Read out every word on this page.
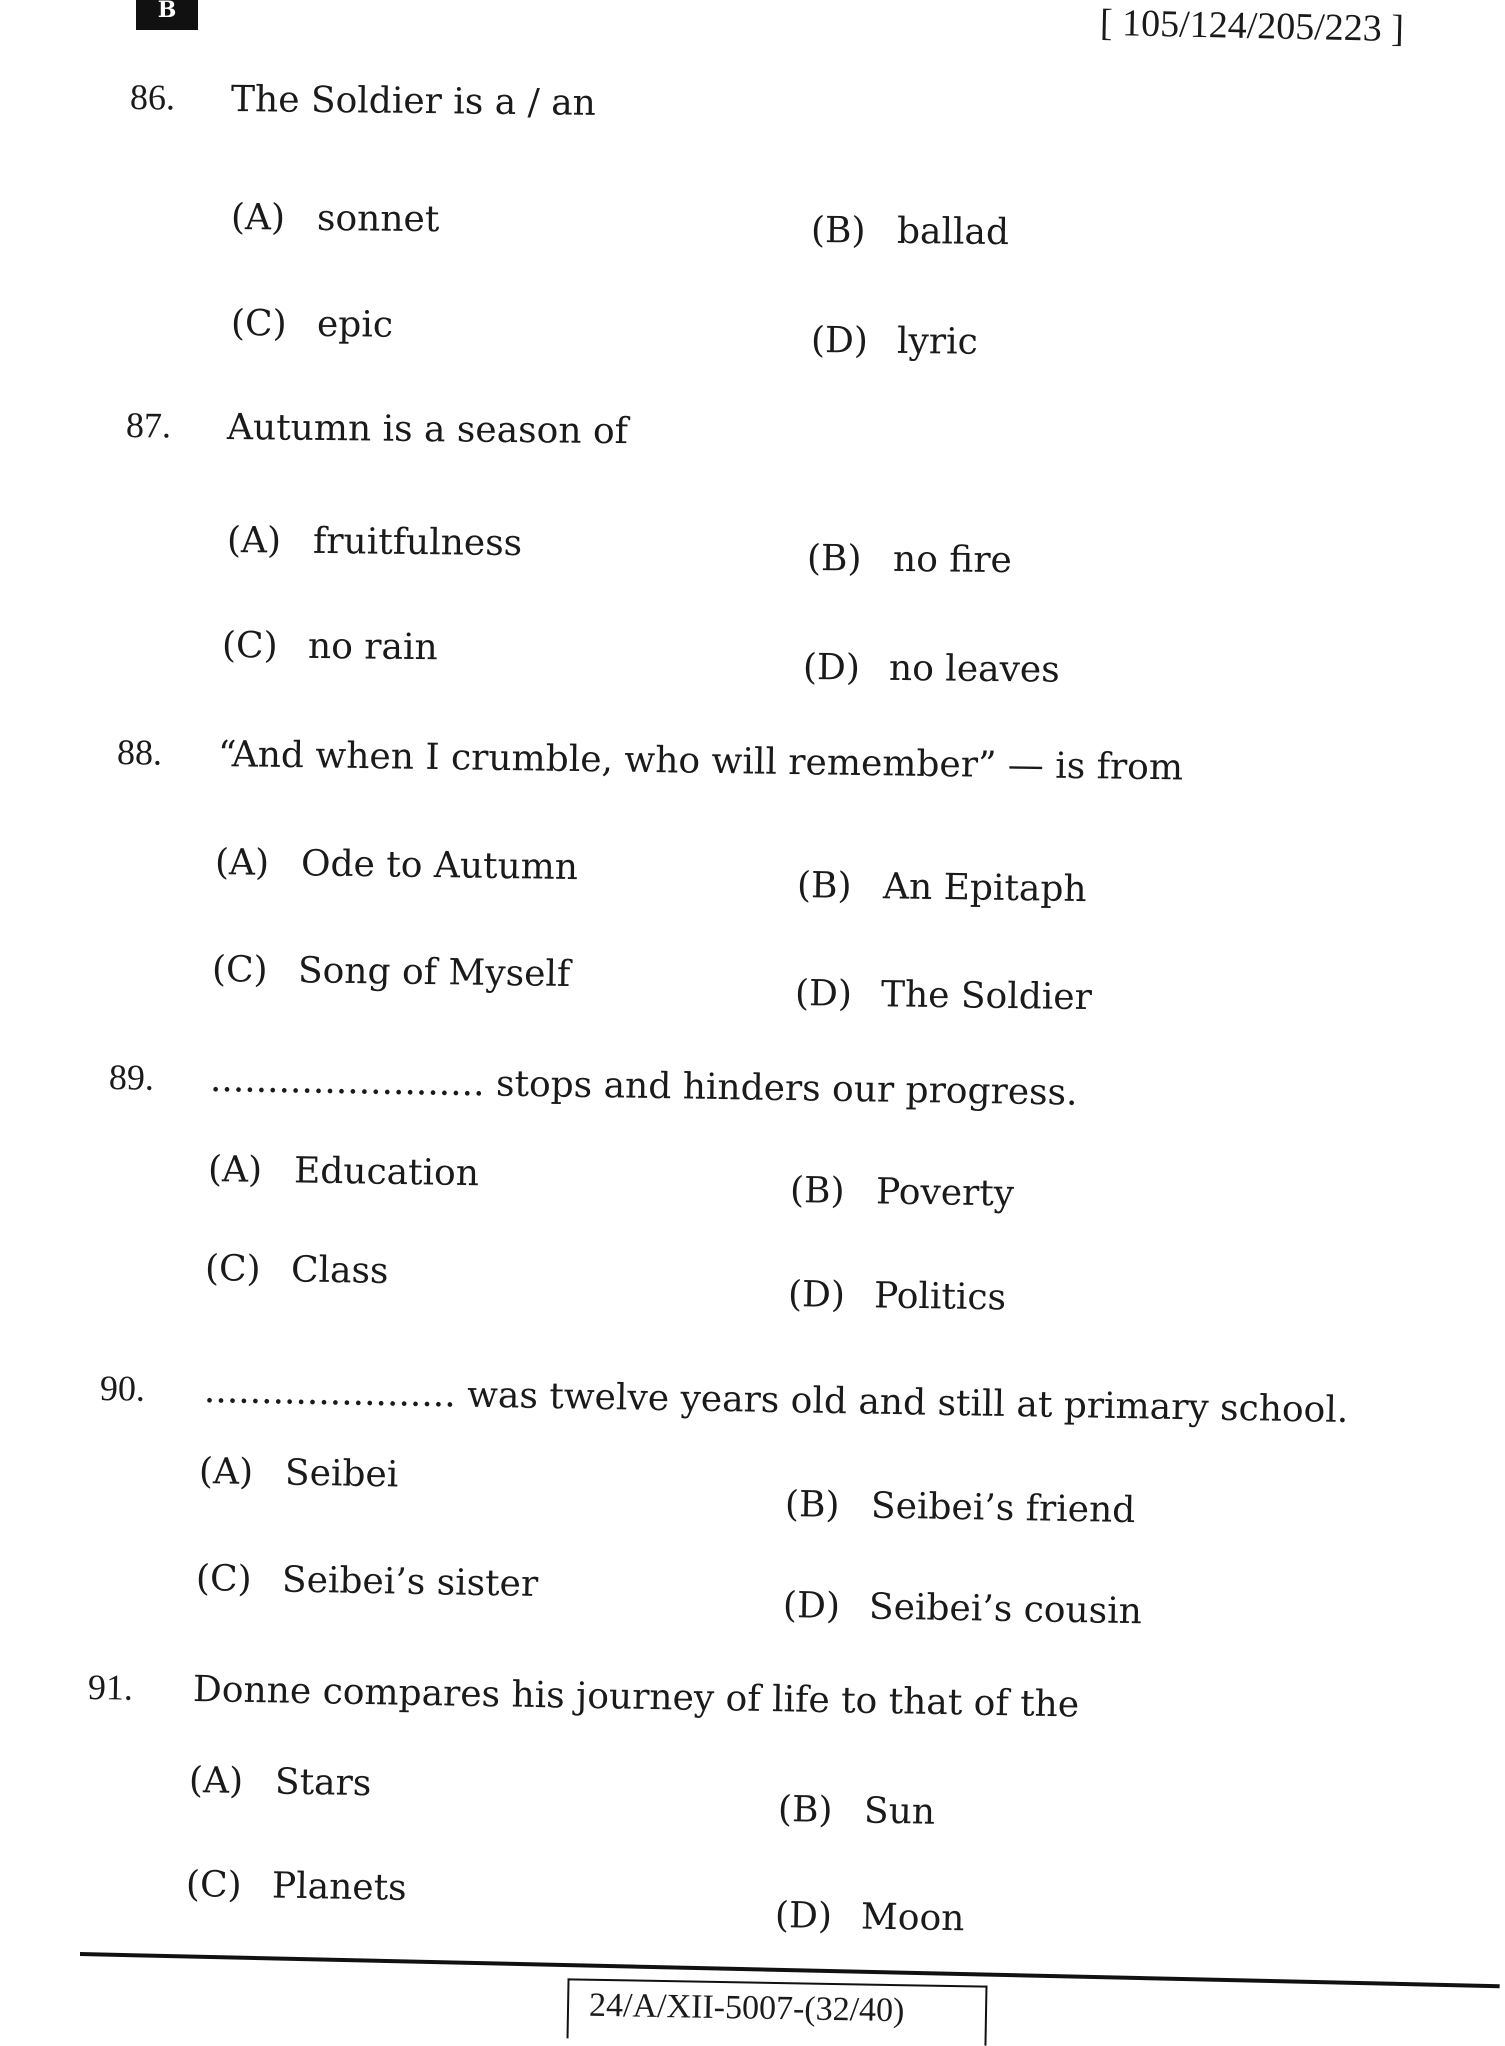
B	[ 105/124/205/223 ]
86. The Soldier is a / an
(A) sonnet	(B) ballad
(C) epic	(D) lyric
87. Autumn is a season of
(A) fruitfulness	(B) no fire
(C) no rain	(D) no leaves
88. “And when I crumble, who will remember” — is from
(A) Ode to Autumn	(B) An Epitaph
(C) Song of Myself	(D) The Soldier
89. ........................ stops and hinders our progress.
(A) Education	(B) Poverty
(C) Class
(D) Politics
90. ...................... was twelve years old and still at primary school.
(A) Seibei
(B) Seibei’s friend
(C) Seibei’s sister
(D) Seibei’s cousin
91. Donne compares his journey of life to that of the
(A) Stars
(B) Sun
(C) Planets
(D) Moon
24/A/XII-5007-(32/40)
